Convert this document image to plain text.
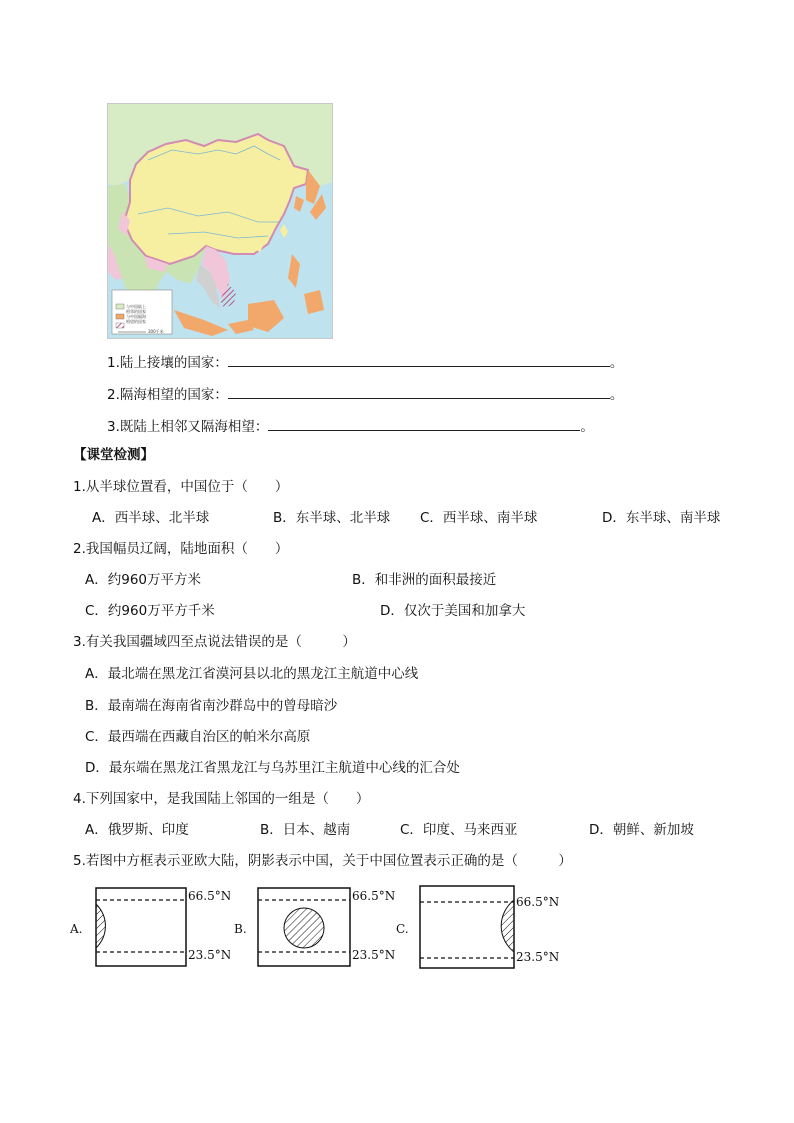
与中国陆上
相邻的国家
与中国隔海
相望的国家
300千米
1.陆上接壤的国家：	。
2.隔海相望的国家：	。
3.既陆上相邻又隔海相望：	。
【课堂检测】
1.从半球位置看，中国位于（　　）
A．西半球、北半球	B．东半球、北半球 C．西半球、南半球	D．东半球、南半球
2.我国幅员辽阔，陆地面积（　　）
A．约960万平方米	B．和非洲的面积最接近
C．约960万平方千米	D．仅次于美国和加拿大
3.有关我国疆域四至点说法错误的是（　　　）
A．最北端在黑龙江省漠河县以北的黑龙江主航道中心线
B．最南端在海南省南沙群岛中的曾母暗沙
C．最西端在西藏自治区的帕米尔高原
D．最东端在黑龙江省黑龙江与乌苏里江主航道中心线的汇合处
4.下列国家中，是我国陆上邻国的一组是（　　）
A．俄罗斯、印度	B．日本、越南	C．印度、马来西亚	D．朝鲜、新加坡
5.若图中方框表示亚欧大陆，阴影表示中国，关于中国位置表示正确的是（　　　）
A.
66.5°N
23.5°N
B.
66.5°N
23.5°N
C.
66.5°N
23.5°N
